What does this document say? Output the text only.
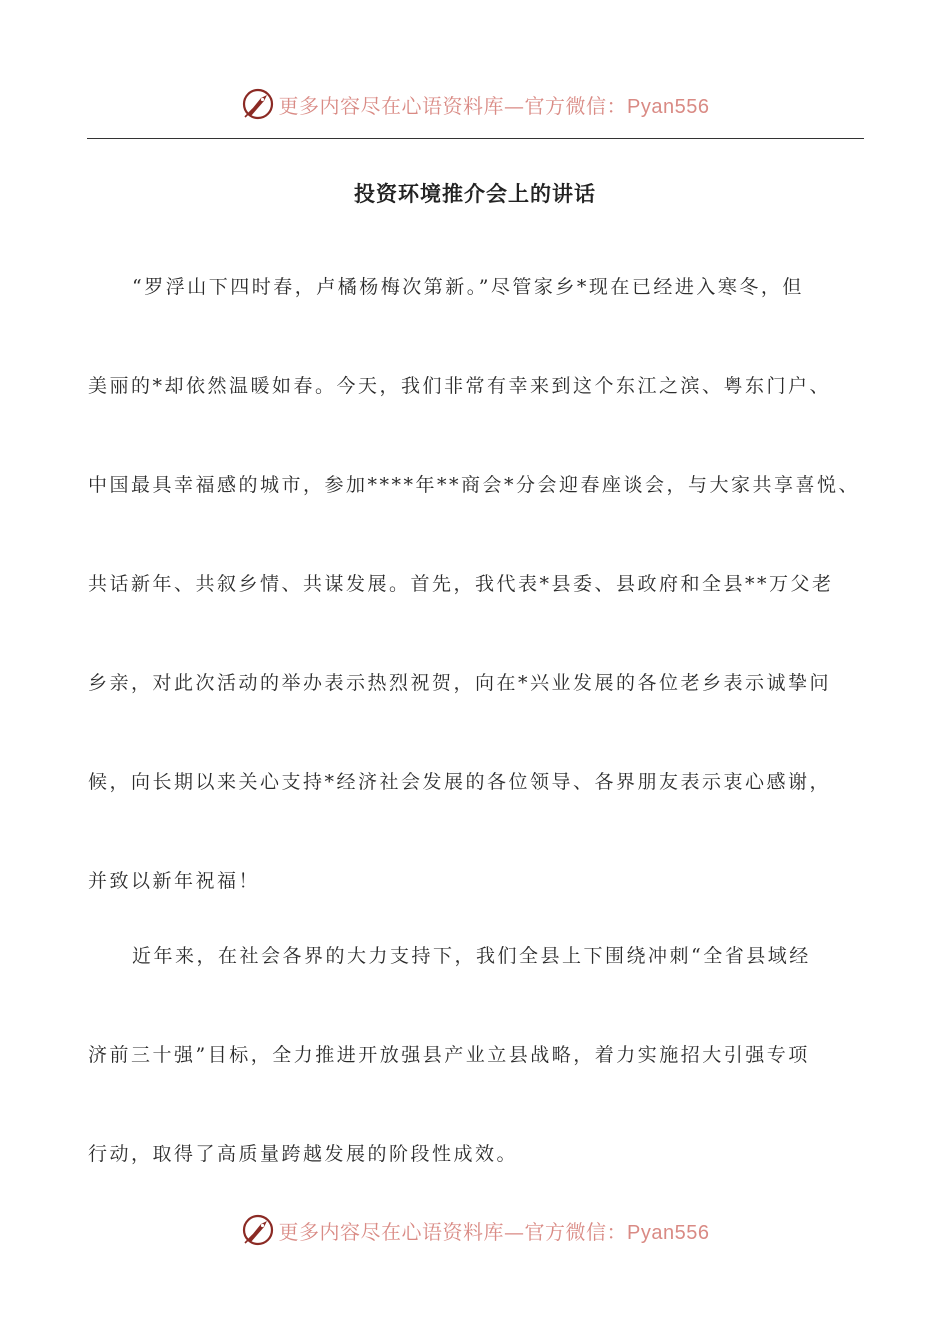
更多内容尽在心语资料库—官方微信：Pyan556
投资环境推介会上的讲话
“罗浮山下四时春，卢橘杨梅次第新。”尽管家乡*现在已经进入寒冬，但
美丽的*却依然温暖如春。今天，我们非常有幸来到这个东江之滨、粤东门户、
中国最具幸福感的城市，参加****年**商会*分会迎春座谈会，与大家共享喜悦、
共话新年、共叙乡情、共谋发展。首先，我代表*县委、县政府和全县**万父老
乡亲，对此次活动的举办表示热烈祝贺，向在*兴业发展的各位老乡表示诚挚问
候，向长期以来关心支持*经济社会发展的各位领导、各界朋友表示衷心感谢，
并致以新年祝福！
近年来，在社会各界的大力支持下，我们全县上下围绕冲刺“全省县域经
济前三十强”目标，全力推进开放强县产业立县战略，着力实施招大引强专项
行动，取得了高质量跨越发展的阶段性成效。
更多内容尽在心语资料库—官方微信：Pyan556
